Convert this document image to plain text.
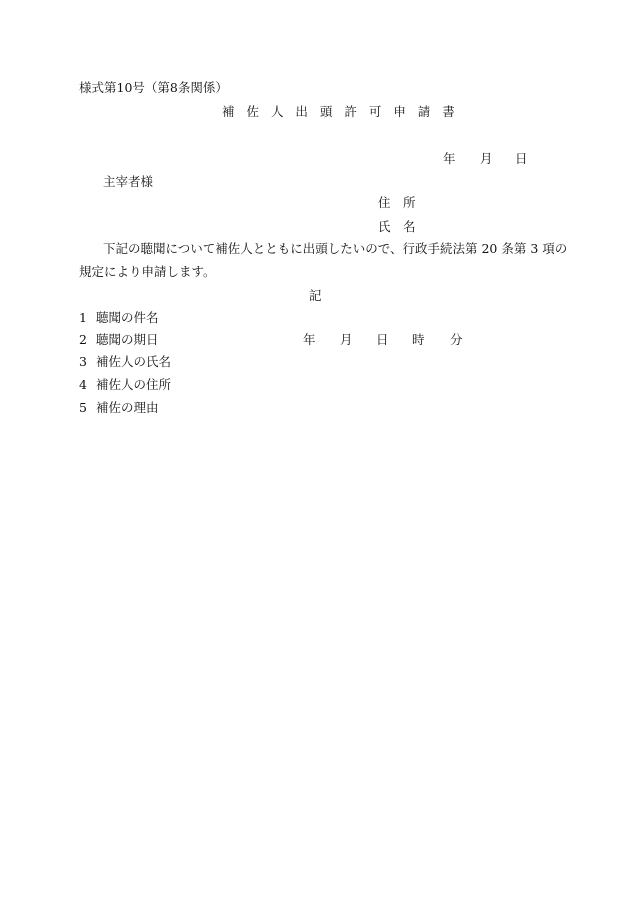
様式第10号（第8条関係）
補 佐 人 出 頭 許 可 申 請 書
年 月 日
主宰者様
住　所
氏　名
下記の聴聞について補佐人とともに出頭したいので、行政手続法第 20 条第 3 項の
規定により申請します。
記
1 聴聞の件名
2 聴聞の期日	年 月 日 時 分
3 補佐人の氏名
4 補佐人の住所
5 補佐の理由
